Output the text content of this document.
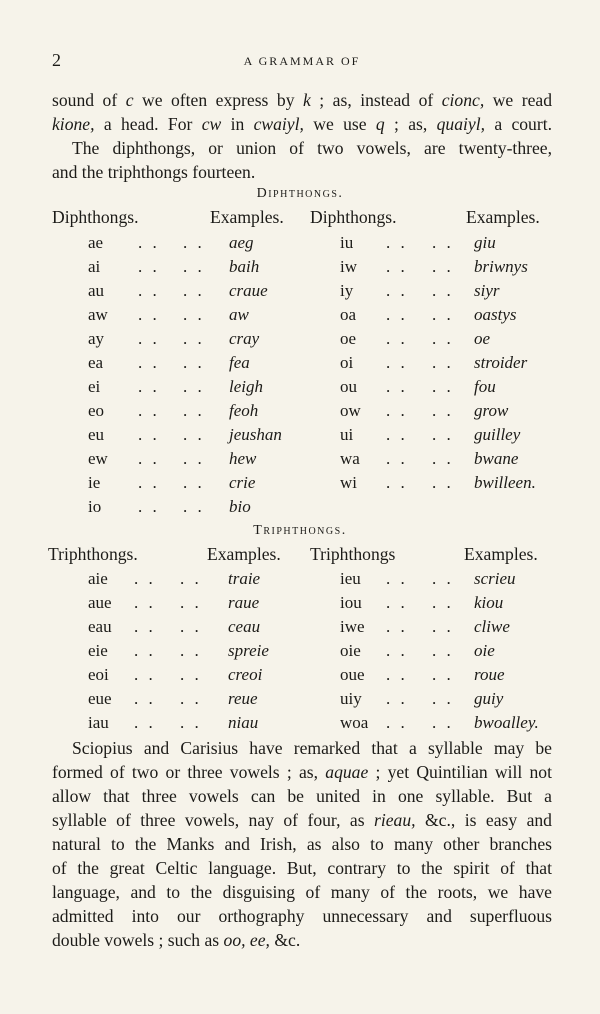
2	A GRAMMAR OF
sound of c we often express by k ; as, instead of cionc, we read
kione, a head. For cw in cwaiyl, we use q ; as, quaiyl, a court.
The diphthongs, or union of two vowels, are twenty-three,
and the triphthongs fourteen.
Diphthongs.
Diphthongs.	Examples. Diphthongs.	Examples.
ae . . . . aeg	iu . . . . giu
ai . . . . baih	iw . . . . briwnys
au . . . . craue	iy . . . . siyr
aw . . . . aw	oa . . . . oastys
ay . . . . cray	oe . . . . oe
ea . . . . fea	oi . . . . stroider
ei . . . . leigh	ou . . . . fou
eo . . . . feoh	ow . . . . grow
eu . . . . jeushan	ui . . . . guilley
ew . . . . hew	wa . . . . bwane
ie . . . . crie	wi . . . . bwilleen.
io . . . . bio
Triphthongs.
Triphthongs.	Examples. Triphthongs	Examples.
aie . . . . traie	ieu . . . . scrieu
aue . . . . raue	iou . . . . kiou
eau . . . . ceau	iwe . . . . cliwe
eie . . . . spreie	oie . . . . oie
eoi . . . . creoi	oue . . . . roue
eue . . . . reue	uiy . . . . guiy
iau . . . . niau	woa . . . . bwoalley.
Sciopius and Carisius have remarked that a syllable may be
formed of two or three vowels ; as, aquae ; yet Quintilian will not
allow that three vowels can be united in one syllable. But a
syllable of three vowels, nay of four, as rieau, &c., is easy and
natural to the Manks and Irish, as also to many other branches
of the great Celtic language. But, contrary to the spirit of that
language, and to the disguising of many of the roots, we have
admitted into our orthography unnecessary and superfluous
double vowels ; such as oo, ee, &c.
